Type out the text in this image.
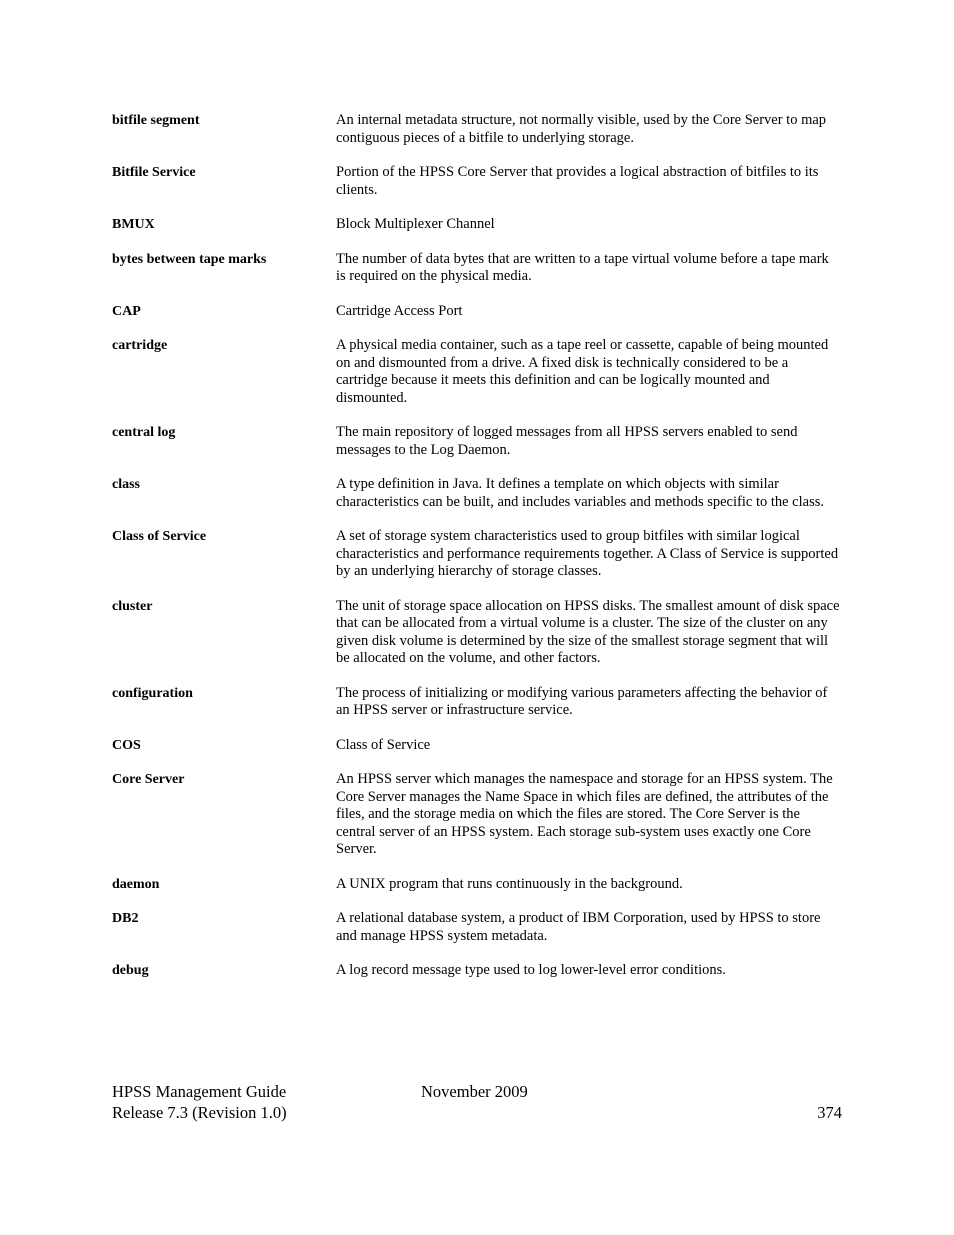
bitfile segment	An internal metadata structure, not normally visible, used by the Core Server to map contiguous pieces of a bitfile to underlying storage.
Bitfile Service	Portion of the HPSS Core Server that provides a logical abstraction of bitfiles to its clients.
BMUX	Block Multiplexer Channel
bytes between tape marks	The number of data bytes that are written to a tape virtual volume before a tape mark is required on the physical media.
CAP	Cartridge Access Port
cartridge	A physical media container, such as a tape reel or cassette, capable of being mounted on and dismounted from a drive. A fixed disk is technically considered to be a cartridge because it meets this definition and can be logically mounted and dismounted.
central log	The main repository of logged messages from all HPSS servers enabled to send messages to the Log Daemon.
class	A type definition in Java. It defines a template on which objects with similar characteristics can be built, and includes variables and methods specific to the class.
Class of Service	A set of storage system characteristics used to group bitfiles with similar logical characteristics and performance requirements together. A Class of Service is supported by an underlying hierarchy of storage classes.
cluster	The unit of storage space allocation on HPSS disks. The smallest amount of disk space that can be allocated from a virtual volume is a cluster. The size of the cluster on any given disk volume is determined by the size of the smallest storage segment that will be allocated on the volume, and other factors.
configuration	The process of initializing or modifying various parameters affecting the behavior of an HPSS server or infrastructure service.
COS	Class of Service
Core Server	An HPSS server which manages the namespace and storage for an HPSS system. The Core Server manages the Name Space in which files are defined, the attributes of the files, and the storage media on which the files are stored. The Core Server is the central server of an HPSS system. Each storage sub-system uses exactly one Core Server.
daemon	A UNIX program that runs continuously in the background.
DB2	A relational database system, a product of IBM Corporation, used by HPSS to store and manage HPSS system metadata.
debug	A log record message type used to log lower-level error conditions.
HPSS Management Guide	November 2009
Release 7.3 (Revision 1.0)	374
